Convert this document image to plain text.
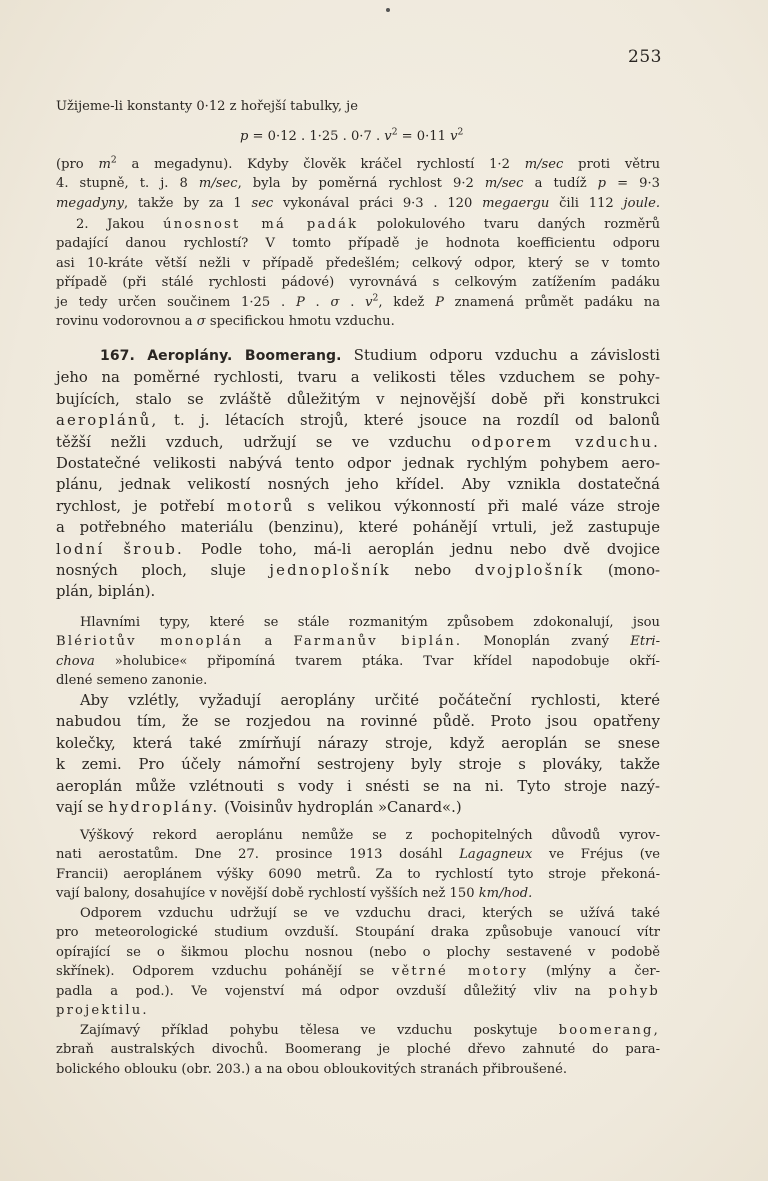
253

Užijeme-li konstanty 0·12 z hořejší tabulky, je

p = 0·12 . 1·25 . 0·7 . $v^2 = 0\cdot 11$ $v^2$

(pro $m^2$ a megadynu). Kdyby člověk kráčel rychlostí 1·2 m/sec proti větru

4. stupně, t. j. 8 m/sec, byla by poměrná rychlost 9·2 m/sec a tudíž p = 9·3

megadyny, takže by za 1 sec vykonával práci 9·3 . 120 megaergu čili 112 joule.

2. Jakou únosnost má padák polokulového tvaru daných rozměrů

padající danou rychlostí? V tomto případě je hodnota koefficientu odporu

asi 10-kráte větší nežli v případě předešlém; celkový odpor, který se v tomto

případě (při stálé rychlosti pádové) vyrovnává s celkovým zatížením padáku

je tedy určen součinem 1·25 . P . σ . $v^2$, kdež P znamená průmět padáku na

rovinu vodorovnou a σ specifickou hmotu vzduchu.

167. Aeroplány. Boomerang. Studium odporu vzduchu a závislosti

jeho na poměrné rychlosti, tvaru a velikosti těles vzduchem se pohy-

bujících, stalo se zvláště důležitým v nejnovější době při konstrukci

aeroplánů, t. j. létacích strojů, které jsouce na rozdíl od balonů

těžší nežli vzduch, udržují se ve vzduchu odporem vzduchu.

Dostatečné velikosti nabývá tento odpor jednak rychlým pohybem aero-

plánu, jednak velikostí nosných jeho křídel. Aby vznikla dostatečná

rychlost, je potřebí motorů s velikou výkonností při malé váze stroje

a potřebného materiálu (benzinu), které pohánějí vrtuli, jež zastupuje

lodní šroub. Podle toho, má-li aeroplán jednu nebo dvě dvojice

nosných ploch, sluje jednoplošník nebo dvojplošník (mono-

plán, biplán).

Hlavními typy, které se stále rozmanitým způsobem zdokonalují, jsou

Blériotův monoplán a Farmanův biplán. Monoplán zvaný Etri-

chova »holubice« připomíná tvarem ptáka. Tvar křídel napodobuje okří-

dlené semeno zanonie.

Aby vzlétly, vyžadují aeroplány určité počáteční rychlosti, které

nabudou tím, že se rozjedou na rovinné půdě. Proto jsou opatřeny

kolečky, která také zmírňují nárazy stroje, když aeroplán se snese

k zemi. Pro účely námořní sestrojeny byly stroje s plováky, takže

aeroplán může vzlétnouti s vody i snésti se na ni. Tyto stroje nazý-

vají se hydroplány. (Voisinův hydroplán »Canard«.)

Výškový rekord aeroplánu nemůže se z pochopitelných důvodů vyrov-

nati aerostatům. Dne 27. prosince 1913 dosáhl Lagagneux ve Fréjus (ve

Francii) aeroplánem výšky 6090 metrů. Za to rychlostí tyto stroje překoná-

vají balony, dosahujíce v novější době rychlostí vyšších než 150 km/hod.

Odporem vzduchu udržují se ve vzduchu draci, kterých se užívá také

pro meteorologické studium ovzduší. Stoupání draka způsobuje vanoucí vítr

opírající se o šikmou plochu nosnou (nebo o plochy sestavené v podobě

skřínek). Odporem vzduchu pohánějí se větrné motory (mlýny a čer-

padla a pod.). Ve vojenství má odpor ovzduší důležitý vliv na pohyb

projektilu.

Zajímavý příklad pohybu tělesa ve vzduchu poskytuje boomerang,

zbraň australských divochů. Boomerang je ploché dřevo zahnuté do para-

bolického oblouku (obr. 203.) a na obou obloukovitých stranách přibroušené.
